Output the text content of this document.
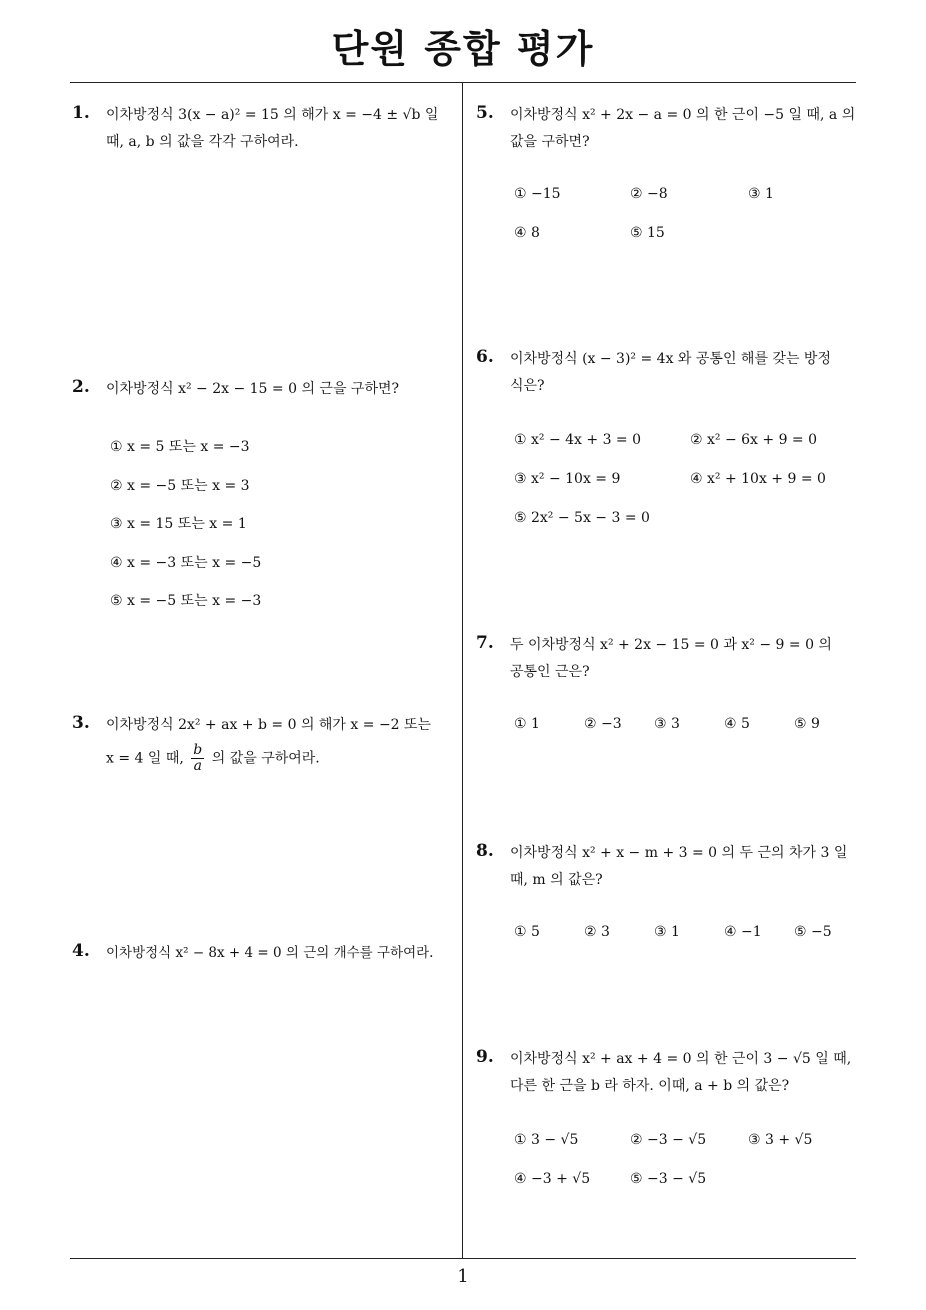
단원 종합 평가
1
1. 이차방정식 3(x − a)² = 15 의 해가 x = −4 ± √b 일
때, a, b 의 값을 각각 구하여라.
2. 이차방정식 x² − 2x − 15 = 0 의 근을 구하면?
① x = 5 또는 x = −3
② x = −5 또는 x = 3
③ x = 15 또는 x = 1
④ x = −3 또는 x = −5
⑤ x = −5 또는 x = −3
3. 이차방정식 2x² + ax + b = 0 의 해가 x = −2 또는
x = 4 일 때, $\frac{b}{a}$ 의 값을 구하여라.
4. 이차방정식 x² − 8x + 4 = 0 의 근의 개수를 구하여라.
5. 이차방정식 x² + 2x − a = 0 의 한 근이 −5 일 때, a 의
값을 구하면?
① −15	② −8	③ 1
④ 8	⑤ 15
6. 이차방정식 (x − 3)² = 4x 와 공통인 해를 갖는 방정
식은?
① x² − 4x + 3 = 0	② x² − 6x + 9 = 0
③ x² − 10x = 9	④ x² + 10x + 9 = 0
⑤ 2x² − 5x − 3 = 0
7. 두 이차방정식 x² + 2x − 15 = 0 과 x² − 9 = 0 의
공통인 근은?
① 1	② −3 ③ 3	④ 5	⑤ 9
8. 이차방정식 x² + x − m + 3 = 0 의 두 근의 차가 3 일
때, m 의 값은?
① 5	② 3	③ 1	④ −1 ⑤ −5
9. 이차방정식 x² + ax + 4 = 0 의 한 근이 3 − √5 일 때,
다른 한 근을 b 라 하자. 이때, a + b 의 값은?
① 3 − √5	② −3 − √5	③ 3 + √5
④ −3 + √5	⑤ −3 − √5
